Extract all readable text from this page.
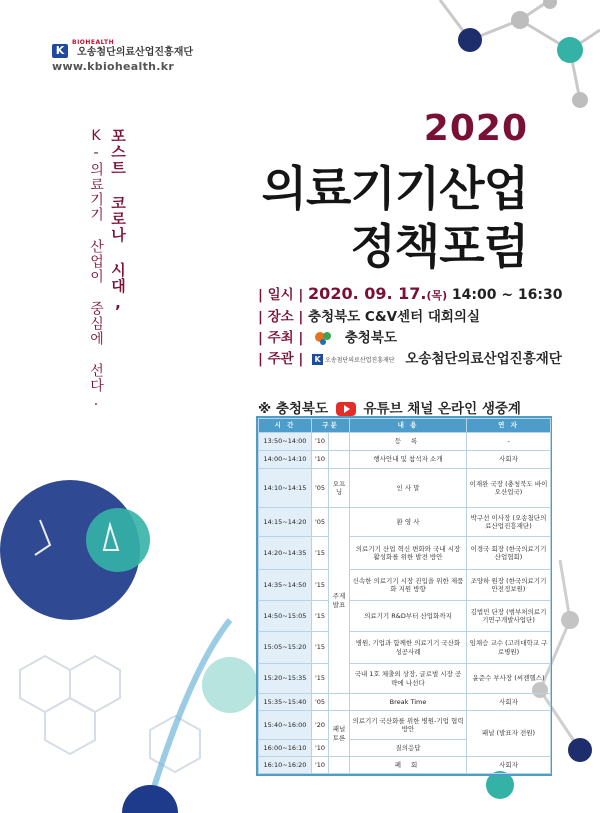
K
BIOHEALTH
오송첨단의료산업진흥재단
www.kbiohealth.kr
포스트 코로나 시대,
K-의료기기 산업이 중심에 선다.	2020
의료기기산업
정책포럼
| 일시 | 2020. 09. 17.(목) 14:00 ~ 16:30
| 장소 | 충청북도 C&V센터 대회의실
| 주최 |	충청북도
| 주관 | K 오송첨단의료산업진흥재단 오송첨단의료산업진흥재단
※ 충청북도	유튜브 채널 온라인 생중계
시 간	구분		내 용	연 자
13:50~14:00	'10		등 록	-
14:00~14:10	'10		행사안내 및 참석자 소개	사회자
14:10~14:15	'05	오프닝	인 사 말	이재완 국장 (충청북도 바이오산업국)
14:15~14:20	'05	주제 발표	환 영 사	박구선 이사장 (오송첨단의료산업진흥재단)
14:20~14:35	'15		의료기기 산업 혁신 변화와 국내 시장 활성화를 위한 발전 방안	이경국 회장 (한국의료기기산업협회)
14:35~14:50	'15		신속한 의료기기 시장 진입을 위한 제품화 지원 방향	조양하 원장 (한국의료기기안전정보원)
14:50~15:05	'15		의료기기 R&D부터 산업화까지	김법민 단장 (범부처의료기기연구개발사업단)
15:05~15:20	'15		병원, 기업과 함께한 의료기기 국산화 성공사례	임채승 교수 (고려대학교 구로병원)
15:20~15:35	'15		국내 1호 체출외 상장, 글로벌 시장 공략에 나선다	윤준수 부사장 (씨젠헬스)
15:35~15:40	'05		Break Time	사회자
15:40~16:00	'20	패널 토론	의료기기 국산화를 위한 병원-기업 협력방안	패널 (발표자 전원)
16:00~16:10	'10		질의응답	
16:10~16:20	'10		폐 회	사회자
